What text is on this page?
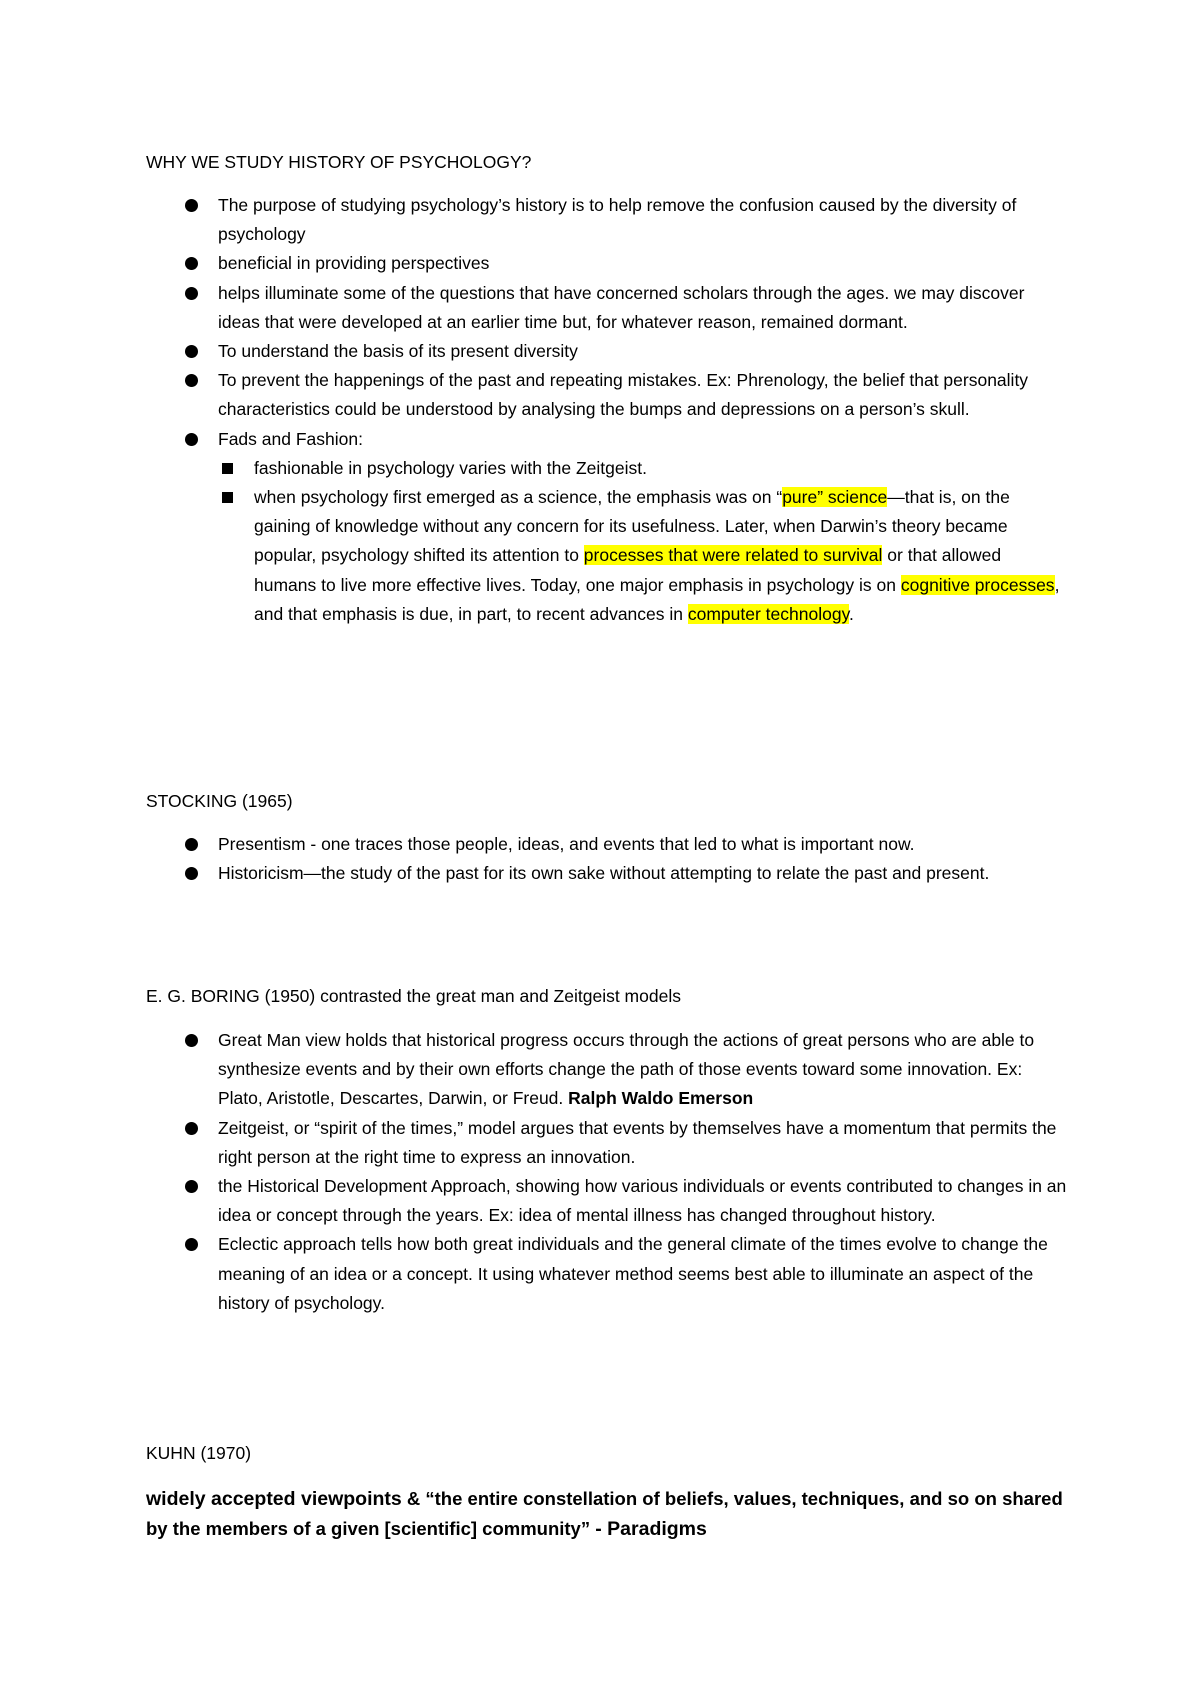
WHY WE STUDY HISTORY OF PSYCHOLOGY?
The purpose of studying psychology’s history is to help remove the confusion caused by the diversity of psychology
beneficial in providing perspectives
helps illuminate some of the questions that have concerned scholars through the ages. we may discover ideas that were developed at an earlier time but, for whatever reason, remained dormant.
To understand the basis of its present diversity
To prevent the happenings of the past and repeating mistakes. Ex: Phrenology, the belief that personality characteristics could be understood by analysing the bumps and depressions on a person’s skull.
Fads and Fashion:
fashionable in psychology varies with the Zeitgeist.
when psychology first emerged as a science, the emphasis was on “pure” science—that is, on the gaining of knowledge without any concern for its usefulness. Later, when Darwin’s theory became popular, psychology shifted its attention to processes that were related to survival or that allowed humans to live more effective lives. Today, one major emphasis in psychology is on cognitive processes, and that emphasis is due, in part, to recent advances in computer technology.
STOCKING (1965)
Presentism - one traces those people, ideas, and events that led to what is important now.
Historicism—the study of the past for its own sake without attempting to relate the past and present.
E. G. BORING (1950) contrasted the great man and Zeitgeist models
Great Man view holds that historical progress occurs through the actions of great persons who are able to synthesize events and by their own efforts change the path of those events toward some innovation. Ex: Plato, Aristotle, Descartes, Darwin, or Freud. Ralph Waldo Emerson
Zeitgeist, or “spirit of the times,” model argues that events by themselves have a momentum that permits the right person at the right time to express an innovation.
the Historical Development Approach, showing how various individuals or events contributed to changes in an idea or concept through the years. Ex: idea of mental illness has changed throughout history.
Eclectic approach tells how both great individuals and the general climate of the times evolve to change the meaning of an idea or a concept. It using whatever method seems best able to illuminate an aspect of the history of psychology.
KUHN (1970)
widely accepted viewpoints & “the entire constellation of beliefs, values, techniques, and so on shared by the members of a given [scientific] community” - Paradigms
